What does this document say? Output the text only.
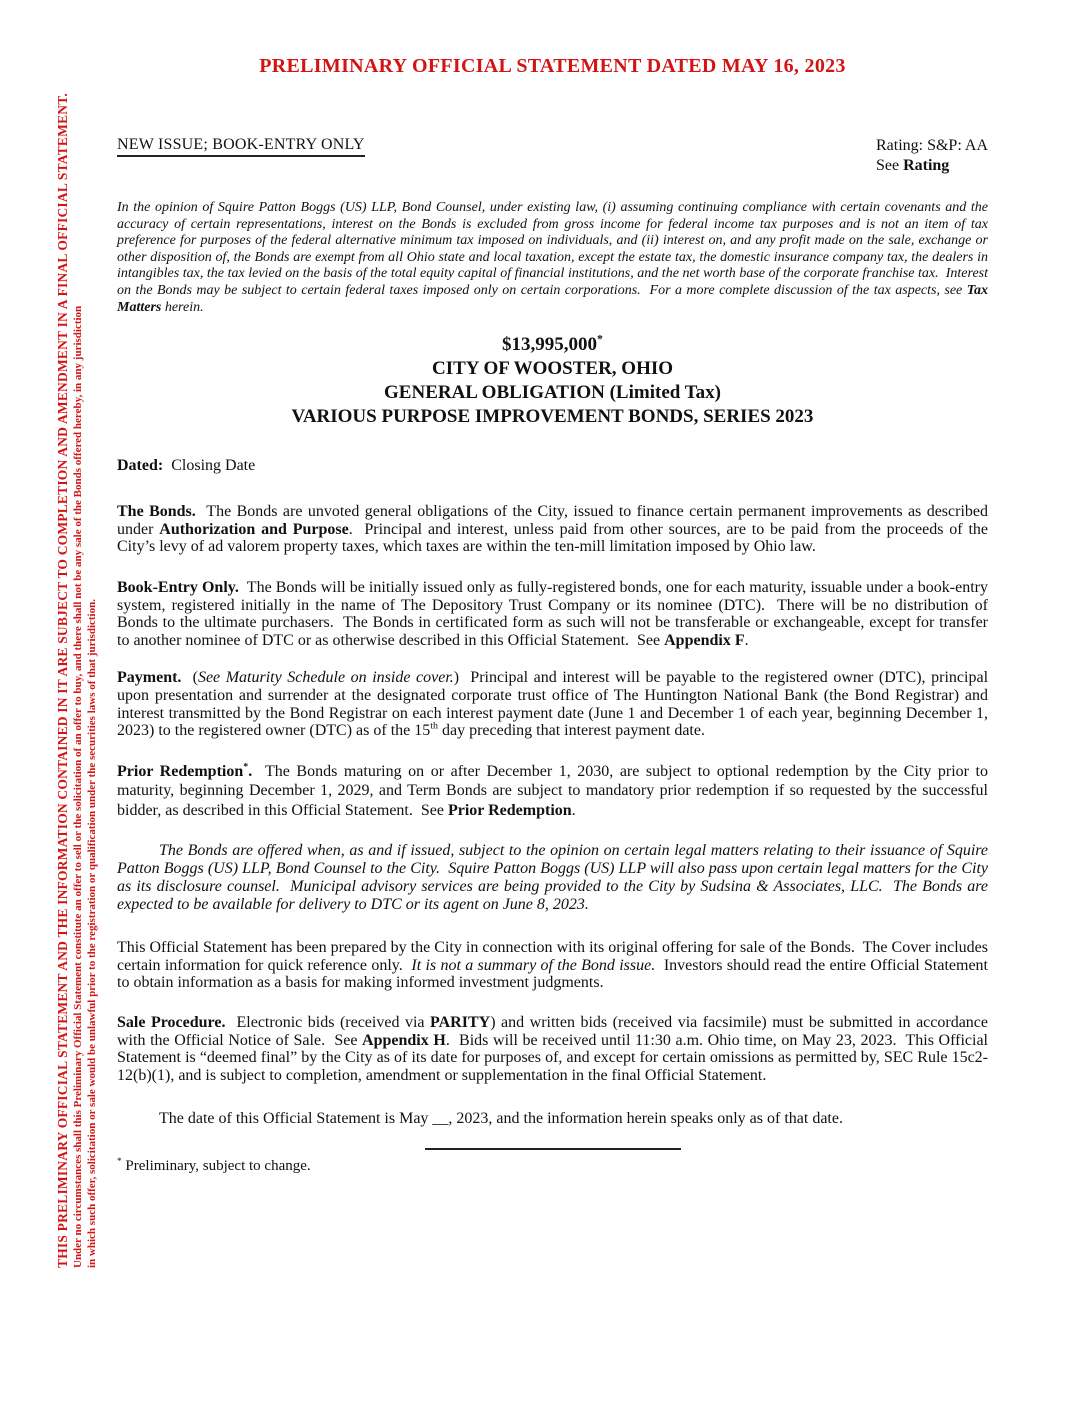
THIS PRELIMINARY OFFICIAL STATEMENT AND THE INFORMATION CONTAINED IN IT ARE SUBJECT TO COMPLETION AND AMENDMENT IN A FINAL OFFICIAL STATEMENT. Under no circumstances shall this Preliminary Official Statement constitute an offer to sell or the solicitation of an offer to buy, and there shall not be any sale of the Bonds offered hereby, in any jurisdiction in which such offer, solicitation or sale would be unlawful prior to the registration or qualification under the securities laws of that jurisdiction.
PRELIMINARY OFFICIAL STATEMENT DATED MAY 16, 2023
NEW ISSUE; BOOK-ENTRY ONLY	Rating: S&P: AA
See Rating

In the opinion of Squire Patton Boggs (US) LLP, Bond Counsel, under existing law, (i) assuming continuing compliance with certain covenants and the accuracy of certain representations, interest on the Bonds is excluded from gross income for federal income tax purposes and is not an item of tax preference for purposes of the federal alternative minimum tax imposed on individuals, and (ii) interest on, and any profit made on the sale, exchange or other disposition of, the Bonds are exempt from all Ohio state and local taxation, except the estate tax, the domestic insurance company tax, the dealers in intangibles tax, the tax levied on the basis of the total equity capital of financial institutions, and the net worth base of the corporate franchise tax.  Interest on the Bonds may be subject to certain federal taxes imposed only on certain corporations.  For a more complete discussion of the tax aspects, see Tax Matters herein.

$13,995,000*
CITY OF WOOSTER, OHIO
GENERAL OBLIGATION (Limited Tax)
VARIOUS PURPOSE IMPROVEMENT BONDS, SERIES 2023
Dated:  Closing Date

The Bonds.  The Bonds are unvoted general obligations of the City, issued to finance certain permanent improvements as described under Authorization and Purpose.  Principal and interest, unless paid from other sources, are to be paid from the proceeds of the City’s levy of ad valorem property taxes, which taxes are within the ten-mill limitation imposed by Ohio law.

Book-Entry Only.  The Bonds will be initially issued only as fully-registered bonds, one for each maturity, issuable under a book-entry system, registered initially in the name of The Depository Trust Company or its nominee (DTC).  There will be no distribution of Bonds to the ultimate purchasers.  The Bonds in certificated form as such will not be transferable or exchangeable, except for transfer to another nominee of DTC or as otherwise described in this Official Statement.  See Appendix F.

Payment.  (See Maturity Schedule on inside cover.)  Principal and interest will be payable to the registered owner (DTC), principal upon presentation and surrender at the designated corporate trust office of The Huntington National Bank (the Bond Registrar) and interest transmitted by the Bond Registrar on each interest payment date (June 1 and December 1 of each year, beginning December 1, 2023) to the registered owner (DTC) as of the 15th day preceding that interest payment date.

Prior Redemption*.  The Bonds maturing on or after December 1, 2030, are subject to optional redemption by the City prior to maturity, beginning December 1, 2029, and Term Bonds are subject to mandatory prior redemption if so requested by the successful bidder, as described in this Official Statement.  See Prior Redemption.

The Bonds are offered when, as and if issued, subject to the opinion on certain legal matters relating to their issuance of Squire Patton Boggs (US) LLP, Bond Counsel to the City.  Squire Patton Boggs (US) LLP will also pass upon certain legal matters for the City as its disclosure counsel.  Municipal advisory services are being provided to the City by Sudsina & Associates, LLC.  The Bonds are expected to be available for delivery to DTC or its agent on June 8, 2023.

This Official Statement has been prepared by the City in connection with its original offering for sale of the Bonds.  The Cover includes certain information for quick reference only.  It is not a summary of the Bond issue.  Investors should read the entire Official Statement to obtain information as a basis for making informed investment judgments.

Sale Procedure.  Electronic bids (received via PARITY) and written bids (received via facsimile) must be submitted in accordance with the Official Notice of Sale.  See Appendix H.  Bids will be received until 11:30 a.m. Ohio time, on May 23, 2023.  This Official Statement is “deemed final” by the City as of its date for purposes of, and except for certain omissions as permitted by, SEC Rule 15c2-12(b)(1), and is subject to completion, amendment or supplementation in the final Official Statement.

The date of this Official Statement is May __, 2023, and the information herein speaks only as of that date.

* Preliminary, subject to change.
